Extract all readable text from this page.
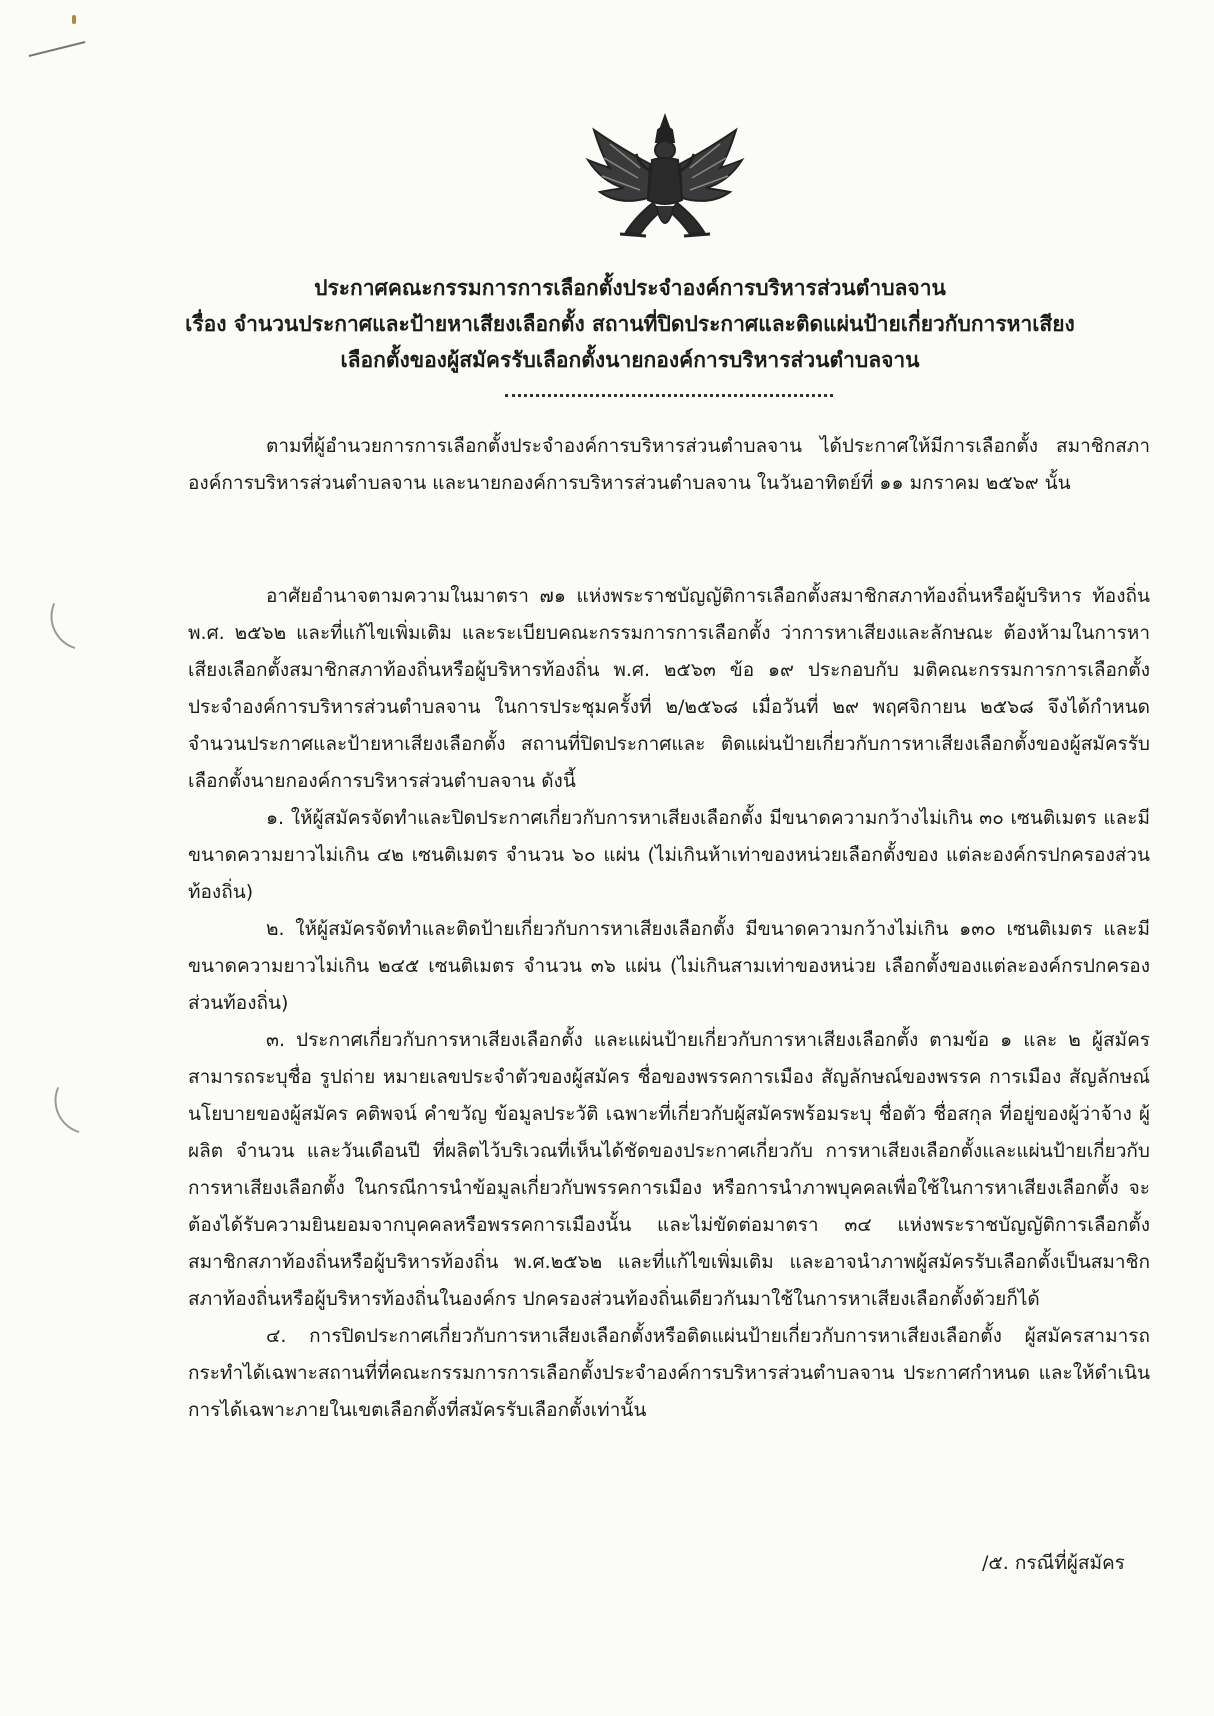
ประกาศคณะกรรมการการเลือกตั้งประจำองค์การบริหารส่วนตำบลจาน
เรื่อง จำนวนประกาศและป้ายหาเสียงเลือกตั้ง สถานที่ปิดประกาศและติดแผ่นป้ายเกี่ยวกับการหาเสียง
เลือกตั้งของผู้สมัครรับเลือกตั้งนายกองค์การบริหารส่วนตำบลจาน

ตามที่ผู้อำนวยการการเลือกตั้งประจำองค์การบริหารส่วนตำบลจาน ได้ประกาศให้มีการเลือกตั้ง สมาชิกสภาองค์การบริหารส่วนตำบลจาน และนายกองค์การบริหารส่วนตำบลจาน ในวันอาทิตย์ที่ ๑๑ มกราคม ๒๕๖๙ นั้น

อาศัยอำนาจตามความในมาตรา ๗๑ แห่งพระราชบัญญัติการเลือกตั้งสมาชิกสภาท้องถิ่นหรือผู้บริหาร ท้องถิ่น พ.ศ. ๒๕๖๒ และที่แก้ไขเพิ่มเติม และระเบียบคณะกรรมการการเลือกตั้ง ว่าการหาเสียงและลักษณะ ต้องห้ามในการหาเสียงเลือกตั้งสมาชิกสภาท้องถิ่นหรือผู้บริหารท้องถิ่น พ.ศ. ๒๕๖๓ ข้อ ๑๙ ประกอบกับ มติคณะกรรมการการเลือกตั้งประจำองค์การบริหารส่วนตำบลจาน ในการประชุมครั้งที่ ๒/๒๕๖๘ เมื่อวันที่ ๒๙ พฤศจิกายน ๒๕๖๘ จึงได้กำหนดจำนวนประกาศและป้ายหาเสียงเลือกตั้ง สถานที่ปิดประกาศและ ติดแผ่นป้ายเกี่ยวกับการหาเสียงเลือกตั้งของผู้สมัครรับเลือกตั้งนายกองค์การบริหารส่วนตำบลจาน ดังนี้

๑. ให้ผู้สมัครจัดทำและปิดประกาศเกี่ยวกับการหาเสียงเลือกตั้ง มีขนาดความกว้างไม่เกิน ๓๐ เซนติเมตร และมีขนาดความยาวไม่เกิน ๔๒ เซนติเมตร จำนวน ๖๐ แผ่น (ไม่เกินห้าเท่าของหน่วยเลือกตั้งของ แต่ละองค์กรปกครองส่วนท้องถิ่น)

๒. ให้ผู้สมัครจัดทำและติดป้ายเกี่ยวกับการหาเสียงเลือกตั้ง มีขนาดความกว้างไม่เกิน ๑๓๐ เซนติเมตร และมีขนาดความยาวไม่เกิน ๒๔๕ เซนติเมตร จำนวน ๓๖ แผ่น (ไม่เกินสามเท่าของหน่วย เลือกตั้งของแต่ละองค์กรปกครองส่วนท้องถิ่น)

๓. ประกาศเกี่ยวกับการหาเสียงเลือกตั้ง และแผ่นป้ายเกี่ยวกับการหาเสียงเลือกตั้ง ตามข้อ ๑ และ ๒ ผู้สมัครสามารถระบุชื่อ รูปถ่าย หมายเลขประจำตัวของผู้สมัคร ชื่อของพรรคการเมือง สัญลักษณ์ของพรรค การเมือง สัญลักษณ์ นโยบายของผู้สมัคร คติพจน์ คำขวัญ ข้อมูลประวัติ เฉพาะที่เกี่ยวกับผู้สมัครพร้อมระบุ ชื่อตัว ชื่อสกุล ที่อยู่ของผู้ว่าจ้าง ผู้ผลิต จำนวน และวันเดือนปี ที่ผลิตไว้บริเวณที่เห็นได้ชัดของประกาศเกี่ยวกับ การหาเสียงเลือกตั้งและแผ่นป้ายเกี่ยวกับการหาเสียงเลือกตั้ง ในกรณีการนำข้อมูลเกี่ยวกับพรรคการเมือง หรือการนำภาพบุคคลเพื่อใช้ในการหาเสียงเลือกตั้ง จะต้องได้รับความยินยอมจากบุคคลหรือพรรคการเมืองนั้น และไม่ขัดต่อมาตรา ๓๔ แห่งพระราชบัญญัติการเลือกตั้งสมาชิกสภาท้องถิ่นหรือผู้บริหารท้องถิ่น พ.ศ.๒๕๖๒ และที่แก้ไขเพิ่มเติม และอาจนำภาพผู้สมัครรับเลือกตั้งเป็นสมาชิกสภาท้องถิ่นหรือผู้บริหารท้องถิ่นในองค์กร ปกครองส่วนท้องถิ่นเดียวกันมาใช้ในการหาเสียงเลือกตั้งด้วยก็ได้

๔. การปิดประกาศเกี่ยวกับการหาเสียงเลือกตั้งหรือติดแผ่นป้ายเกี่ยวกับการหาเสียงเลือกตั้ง ผู้สมัครสามารถกระทำได้เฉพาะสถานที่ที่คณะกรรมการการเลือกตั้งประจำองค์การบริหารส่วนตำบลจาน ประกาศกำหนด และให้ดำเนินการได้เฉพาะภายในเขตเลือกตั้งที่สมัครรับเลือกตั้งเท่านั้น

/๕. กรณีที่ผู้สมัคร
